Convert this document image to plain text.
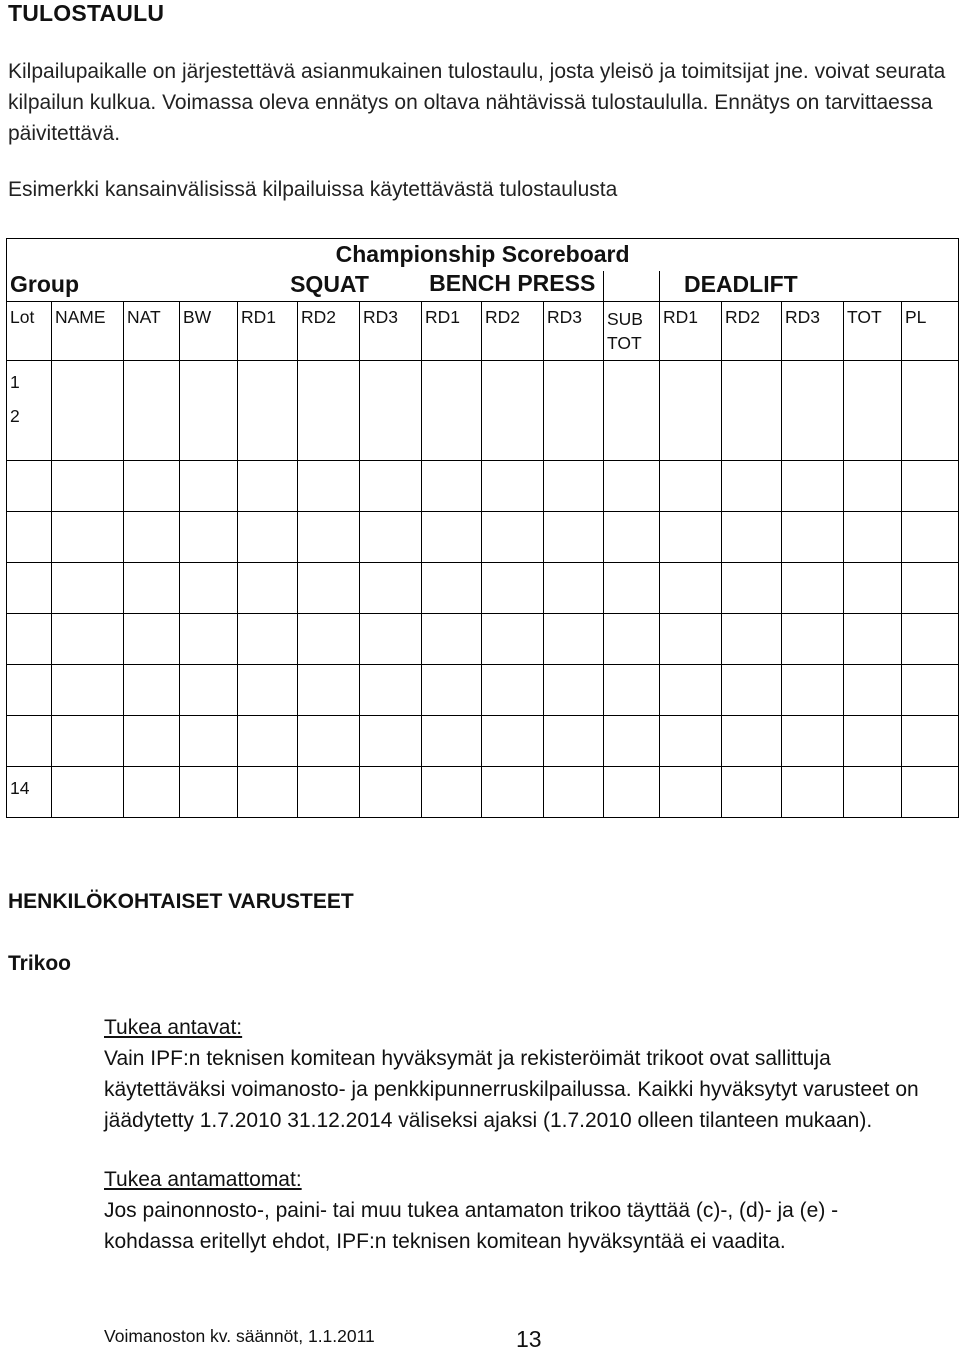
TULOSTAULU
Kilpailupaikalle on järjestettävä asianmukainen tulostaulu, josta yleisö ja toimitsijat jne. voivat seurata kilpailun kulkua. Voimassa oleva ennätys on oltava nähtävissä tulostaululla. Ennätys on tarvittaessa päivitettävä.
Esimerkki kansainvälisissä kilpailuissa käytettävästä tulostaulusta
Championship Scoreboard															
Group				SQUAT			BENCH PRESS				DEADLIFT				
Lot	NAME	NAT	BW	RD1	RD2	RD3	RD1	RD2	RD3	SUB TOT	RD1	RD2	RD3	TOT	PL
1
2															

14															
HENKILÖKOHTAISET VARUSTEET
Trikoo
Tukea antavat:
Vain IPF:n teknisen komitean hyväksymät ja rekisteröimät trikoot ovat sallittuja käytettäväksi voimanosto- ja penkkipunnerruskilpailussa. Kaikki hyväksytyt varusteet on jäädytetty 1.7.2010 31.12.2014 väliseksi ajaksi (1.7.2010 olleen tilanteen mukaan).
Tukea antamattomat:
Jos painonnosto-, paini- tai muu tukea antamaton trikoo täyttää (c)-, (d)- ja (e) -kohdassa eritellyt ehdot, IPF:n teknisen komitean hyväksyntää ei vaadita.
Voimanoston kv. säännöt, 1.1.2011	13
